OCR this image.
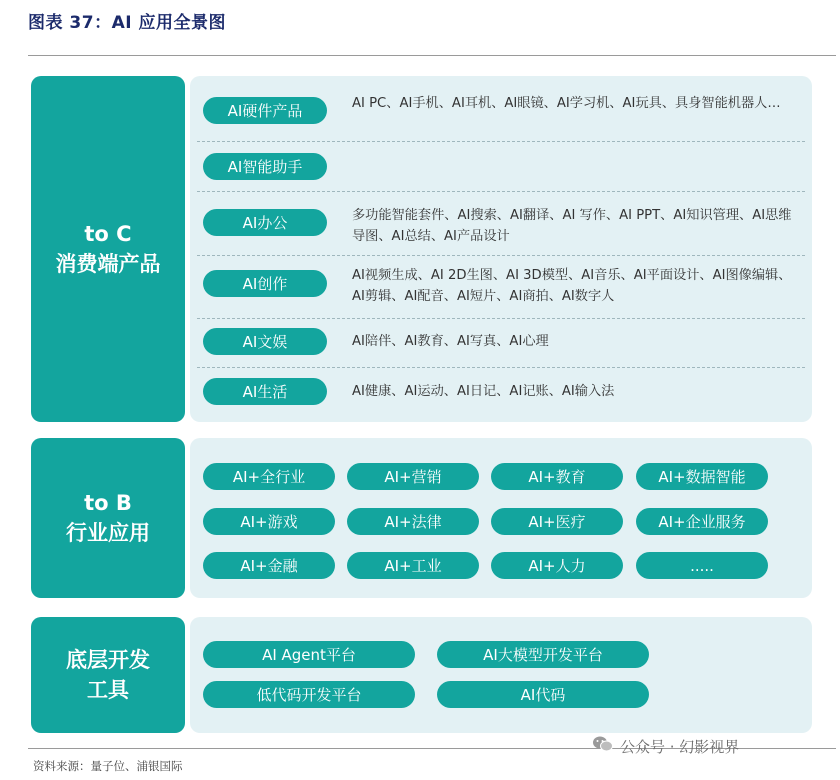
图表 37：AI 应用全景图
to C
消费端产品
AI硬件产品	AI PC、AI手机、AI耳机、AI眼镜、AI学习机、AI玩具、具身智能机器人…
AI智能助手
AI办公	多功能智能套件、AI搜索、AI翻译、AI 写作、AI PPT、AI知识管理、AI思维导图、AI总结、AI产品设计
AI创作	AI视频生成、AI 2D生图、AI 3D模型、AI音乐、AI平面设计、AI图像编辑、AI剪辑、AI配音、AI短片、AI商拍、AI数字人
AI文娱	AI陪伴、AI教育、AI写真、AI心理
AI生活	AI健康、AI运动、AI日记、AI记账、AI输入法
to B
行业应用
AI+全行业	AI+营销	AI+教育	AI+数据智能
AI+游戏	AI+法律	AI+医疗	AI+企业服务
AI+金融	AI+工业	AI+人力	.....
底层开发
工具
AI Agent平台	AI大模型开发平台
低代码开发平台	AI代码
资料来源：量子位、浦银国际
公众号 · 幻影视界
